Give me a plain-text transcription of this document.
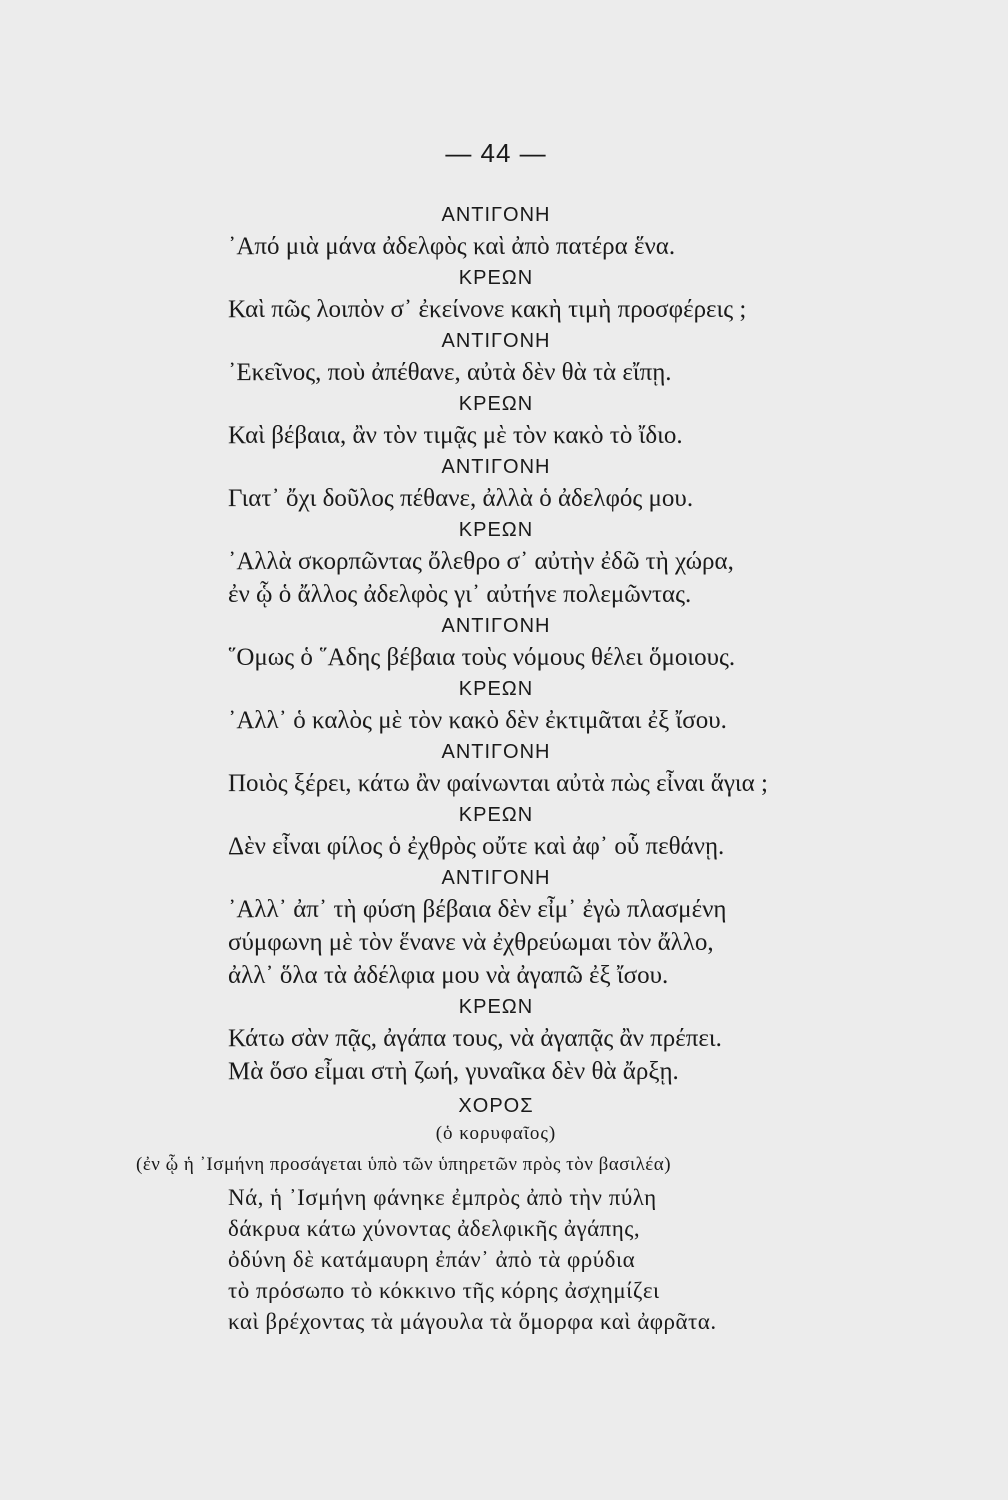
— 44 —
ΑΝΤΙΓΟΝΗ
᾽Από μιὰ μάνα ἀδελφὸς καὶ ἀπὸ πατέρα ἕνα.
ΚΡΕΩΝ
Καὶ πῶς λοιπὸν σ᾽ ἐκείνονε κακὴ τιμὴ προσφέρεις ;
ΑΝΤΙΓΟΝΗ
᾽Εκεῖνος, ποὺ ἀπέθανε, αὐτὰ δὲν θὰ τὰ εἴπῃ.
ΚΡΕΩΝ
Καὶ βέβαια, ἂν τὸν τιμᾷς μὲ τὸν κακὸ τὸ ἴδιο.
ΑΝΤΙΓΟΝΗ
Γιατ᾽ ὄχι δοῦλος πέθανε, ἀλλὰ ὁ ἀδελφός μου.
ΚΡΕΩΝ
᾽Αλλὰ σκορπῶντας ὄλεθρο σ᾽ αὐτὴν ἐδῶ τὴ χώρα,
ἐν ᾧ ὁ ἄλλος ἀδελφὸς γι᾽ αὐτήνε πολεμῶντας.
ΑΝΤΙΓΟΝΗ
῞Ομως ὁ ῞Αδης βέβαια τοὺς νόμους θέλει ὅμοιους.
ΚΡΕΩΝ
᾽Αλλ᾽ ὁ καλὸς μὲ τὸν κακὸ δὲν ἐκτιμᾶται ἐξ ἴσου.
ΑΝΤΙΓΟΝΗ
Ποιὸς ξέρει, κάτω ἂν φαίνωνται αὐτὰ πὼς εἶναι ἅγια ;
ΚΡΕΩΝ
Δὲν εἶναι φίλος ὁ ἐχθρὸς οὔτε καὶ ἀφ᾽ οὗ πεθάνῃ.
ΑΝΤΙΓΟΝΗ
᾽Αλλ᾽ ἀπ᾽ τὴ φύση βέβαια δὲν εἶμ᾽ ἐγὼ πλασμένη
σύμφωνη μὲ τὸν ἕνανε νὰ ἐχθρεύωμαι τὸν ἄλλο,
ἀλλ᾽ ὅλα τὰ ἀδέλφια μου νὰ ἀγαπῶ ἐξ ἴσου.
ΚΡΕΩΝ
Κάτω σὰν πᾷς, ἀγάπα τους, νὰ ἀγαπᾷς ἂν πρέπει.
Μὰ ὅσο εἶμαι στὴ ζωή, γυναῖκα δὲν θὰ ἄρξῃ.
ΧΟΡΟΣ
(ὁ κορυφαῖος)
(ἐν ᾧ ἡ ᾽Ισμήνη προσάγεται ὑπὸ τῶν ὑπηρετῶν πρὸς τὸν βασιλέα)
Νά, ἡ ᾽Ισμήνη φάνηκε ἐμπρὸς ἀπὸ τὴν πύλη
δάκρυα κάτω χύνοντας ἀδελφικῆς ἀγάπης,
ὀδύνη δὲ κατάμαυρη ἐπάν᾽ ἀπὸ τὰ φρύδια
τὸ πρόσωπο τὸ κόκκινο τῆς κόρης ἀσχημίζει
καὶ βρέχοντας τὰ μάγουλα τὰ ὅμορφα καὶ ἀφρᾶτα.
